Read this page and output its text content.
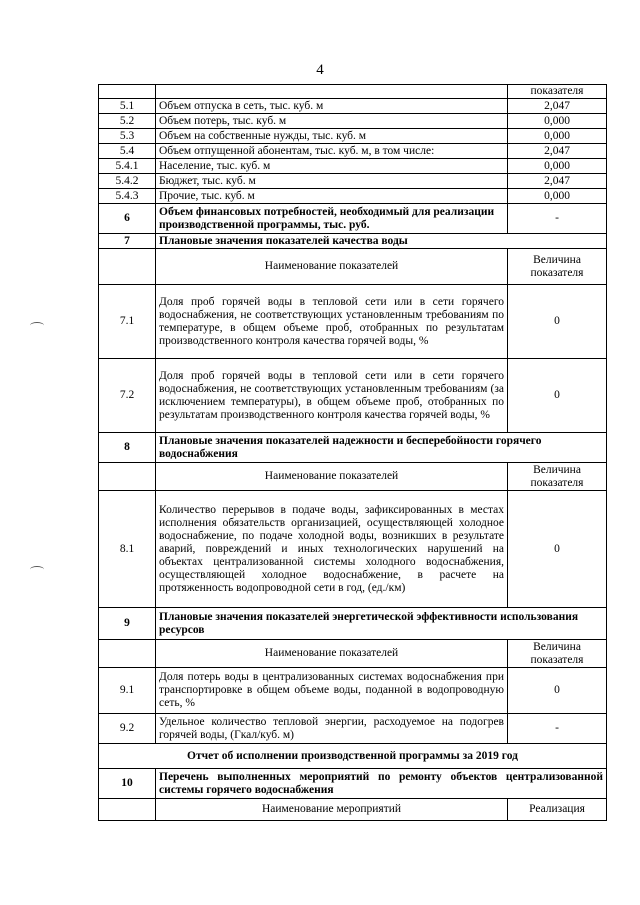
4
		показателя
5.1	Объем отпуска в сеть, тыс. куб. м	2,047
5.2	Объем потерь, тыс. куб. м	0,000
5.3	Объем на собственные нужды, тыс. куб. м	0,000
5.4	Объем отпущенной абонентам, тыс. куб. м, в том числе:	2,047
5.4.1	Население, тыс. куб. м	0,000
5.4.2	Бюджет, тыс. куб. м	2,047
5.4.3	Прочие, тыс. куб. м	0,000
6	Объем финансовых потребностей, необходимый для реализации производственной программы, тыс. руб.	-
7	Плановые значения показателей качества воды	
	Наименование показателей	Величина показателя
7.1	Доля проб горячей воды в тепловой сети или в сети горячего водоснабжения, не соответствующих установленным требованиям по температуре, в общем объеме проб, отобранных по результатам производственного контроля качества горячей воды, %	0
7.2	Доля проб горячей воды в тепловой сети или в сети горячего водоснабжения, не соответствующих установленным требованиям (за исключением температуры), в общем объеме проб, отобранных по результатам производственного контроля качества горячей воды, %	0
8	Плановые значения показателей надежности и бесперебойности горячего водоснабжения	
	Наименование показателей	Величина показателя
8.1	Количество перерывов в подаче воды, зафиксированных в местах исполнения обязательств организацией, осуществляющей холодное водоснабжение, по подаче холодной воды, возникших в результате аварий, повреждений и иных технологических нарушений на объектах централизованной системы холодного водоснабжения, осуществляющей холодное водоснабжение, в расчете на протяженность водопроводной сети в год, (ед./км)	0
9	Плановые значения показателей энергетической эффективности использования ресурсов	
	Наименование показателей	Величина показателя
9.1	Доля потерь воды в централизованных системах водоснабжения при транспортировке в общем объеме воды, поданной в водопроводную сеть, %	0
9.2	Удельное количество тепловой энергии, расходуемое на подогрев горячей воды, (Гкал/куб. м)	-
Отчет об исполнении производственной программы за 2019 год		
10	Перечень выполненных мероприятий по ремонту объектов централизованной системы горячего водоснабжения	
	Наименование мероприятий	Реализация
